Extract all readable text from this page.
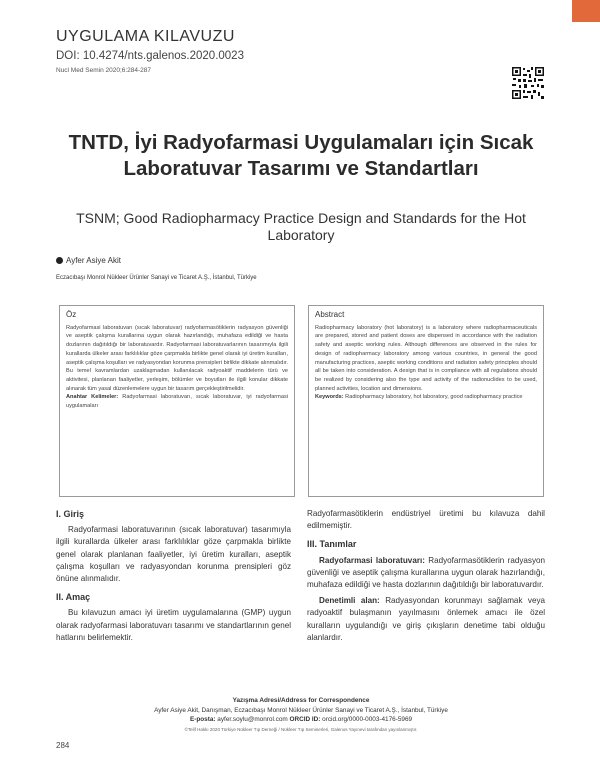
UYGULAMA KILAVUZU
DOI: 10.4274/nts.galenos.2020.0023
Nucl Med Semin 2020;6:284-287
TNTD, İyi Radyofarmasi Uygulamaları için Sıcak Laboratuvar Tasarımı ve Standartları
TSNM; Good Radiopharmacy Practice Design and Standards for the Hot Laboratory
Ayfer Asiye Akit
Eczacıbaşı Monrol Nükleer Ürünler Sanayi ve Ticaret A.Ş., İstanbul, Türkiye
Öz
Radyofarmasi laboratuvarı (sıcak laboratuvar) radyofarmasötiklerin radyasyon güvenliği ve aseptik çalışma kurallarına uygun olarak hazırlandığı, muhafaza edildiği ve hasta dozlarının dağıtıldığı bir laboratuvardır. Radyofarmasi laboratuvarlarının tasarımıyla ilgili kurallarda ülkeler arası farklılıklar göze çarpmakla birlikte genel olarak iyi üretim kuralları, aseptik çalışma koşulları ve radyasyondan korunma prensipleri birlikte dikkate alınmalıdır. Bu temel kavramlardan uzaklaşmadan kullanılacak radyoaktif maddelerin türü ve aktivitesi, planlanan faaliyetler, yerleşim, bölümler ve boyutları ile ilgili konular dikkate alınarak tüm yasal düzenlemelere uygun bir tasarım gerçekleştirilmelidir.
Anahtar Kelimeler: Radyofarmasi laboratuvarı, sıcak laboratuvar, iyi radyofarmasi uygulamaları
Abstract
Radiopharmacy laboratory (hot laboratory) is a laboratory where radiopharmaceuticals are prepared, stored and patient doses are dispensed in accordance with the radiation safety and aseptic working rules. Although differences are observed in the rules for design of radiopharmacy laboratory among various countries, in general the good manufacturing practices, aseptic working conditions and radiation safety principles should all be taken into consideration. A design that is in compliance with all regulations should be realized by considering also the type and activity of the radionuclides to be used, planned activities, location and dimensions.
Keywords: Radiopharmacy laboratory, hot laboratory, good radiopharmacy practice
I. Giriş

Radyofarmasi laboratuvarının (sıcak laboratuvar) tasarımıyla ilgili kurallarda ülkeler arası farklılıklar göze çarpmakla birlikte genel olarak planlanan faaliyetler, iyi üretim kuralları, aseptik çalışma koşulları ve radyasyondan korunma prensipleri göz önüne alınmalıdır.

II. Amaç

Bu kılavuzun amacı iyi üretim uygulamalarına (GMP) uygun olarak radyofarmasi laboratuvarı tasarımı ve standartlarının genel hatlarını belirlemektir.

Radyofarmasötiklerin endüstriyel üretimi bu kılavuza dahil edilmemiştir.

III. Tanımlar

Radyofarmasi laboratuvarı: Radyofarmasötiklerin radyasyon güvenliği ve aseptik çalışma kurallarına uygun olarak hazırlandığı, muhafaza edildiği ve hasta dozlarının dağıtıldığı bir laboratuvardır.

Denetimli alan: Radyasyondan korunmayı sağlamak veya radyoaktif bulaşmanın yayılmasını önlemek amacı ile özel kuralların uygulandığı ve giriş çıkışların denetime tabi olduğu alanlardır.

Yazışma Adresi/Address for Correspondence
Ayfer Asiye Akit, Danışman, Eczacıbaşı Monrol Nükleer Ürünler Sanayi ve Ticaret A.Ş., İstanbul, Türkiye
E-posta: ayfer.soylu@monrol.com ORCID ID: orcid.org/0000-0003-4176-5969
©Telif Hakkı 2020 Türkiye Nükleer Tıp Derneği / Nükleer Tıp Seminerleri, Galenos Yayınevi tarafından yayınlanmıştır.
284
